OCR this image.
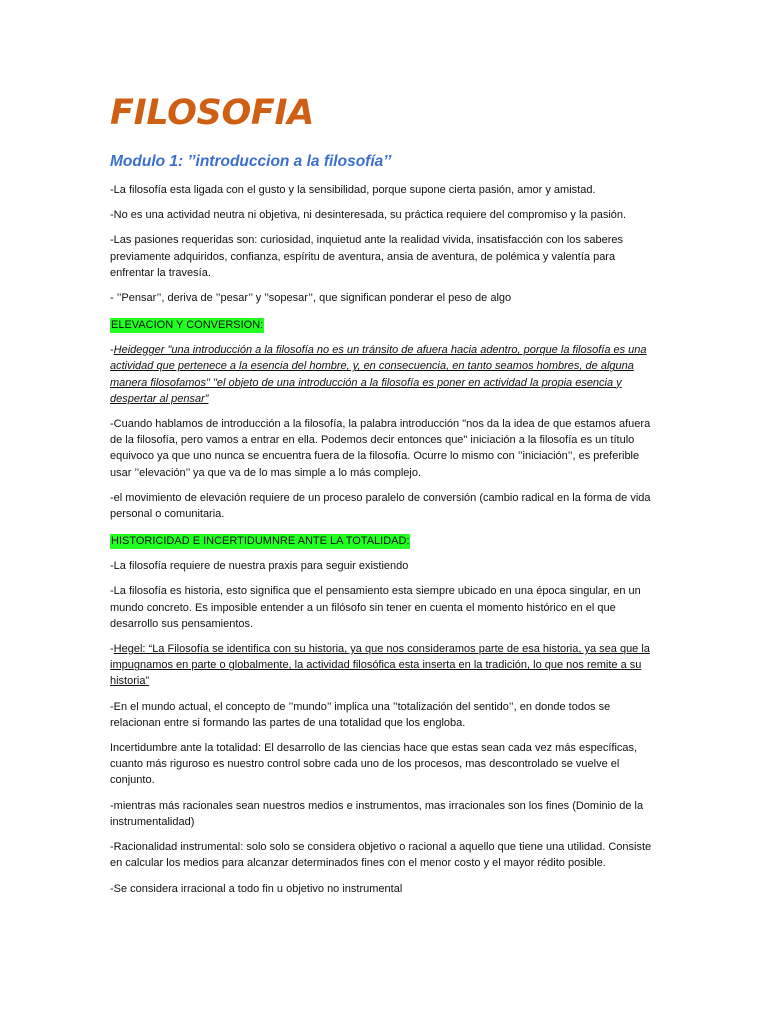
FILOSOFIA
Modulo 1: ’’introduccion a la filosofía’’

-La filosofía esta ligada con el gusto y la sensibilidad, porque supone cierta pasión, amor y amistad.

-No es una actividad neutra ni objetiva, ni desinteresada, su práctica requiere del compromiso y la pasión.

-Las pasiones requeridas son: curiosidad, inquietud ante la realidad vivida, insatisfacción con los saberes previamente adquiridos, confianza, espíritu de aventura, ansia de aventura, de polémica y valentía para enfrentar la travesía.

- ’’Pensar’’, deriva de ’’pesar’’ y ’’sopesar’’, que significan ponderar el peso de algo

ELEVACION Y CONVERSION:

-Heidegger "una introducción a la filosofía no es un tránsito de afuera hacia adentro, porque la filosofía es una actividad que pertenece a la esencia del hombre, y, en consecuencia, en tanto seamos hombres, de alguna manera filosofamos" "el objeto de una introducción a la filosofía es poner en actividad la propia esencia y despertar al pensar”

-Cuando hablamos de introducción a la filosofía, la palabra introducción "nos da la idea de que estamos afuera de la filosofía, pero vamos a entrar en ella. Podemos decir entonces que" iniciación a la filosofía es un título equivoco ya que uno nunca se encuentra fuera de la filosofía. Ocurre lo mismo con ’’iniciación’’, es preferible usar ’’elevación’’ ya que va de lo mas simple a lo más complejo.

-el movimiento de elevación requiere de un proceso paralelo de conversión (cambio radical en la forma de vida personal o comunitaria.

HISTORICIDAD E INCERTIDUMNRE ANTE LA TOTALIDAD:

-La filosofía requiere de nuestra praxis para seguir existiendo

-La filosofía es historia, esto significa que el pensamiento esta siempre ubicado en una época singular, en un mundo concreto. Es imposible entender a un filósofo sin tener en cuenta el momento histórico en el que desarrollo sus pensamientos.

-Hegel: “La Filosofía se identifica con su historia, ya que nos consideramos parte de esa historia, ya sea que la impugnamos en parte o globalmente, la actividad filosófica esta inserta en la tradición, lo que nos remite a su historia”

-En el mundo actual, el concepto de ’’mundo’’ implica una ’’totalización del sentido’’, en donde todos se relacionan entre si formando las partes de una totalidad que los engloba.

Incertidumbre ante la totalidad: El desarrollo de las ciencias hace que estas sean cada vez más específicas, cuanto más riguroso es nuestro control sobre cada uno de los procesos, mas descontrolado se vuelve el conjunto.

-mientras más racionales sean nuestros medios e instrumentos, mas irracionales son los fines (Dominio de la instrumentalidad)

-Racionalidad instrumental: solo solo se considera objetivo o racional a aquello que tiene una utilidad. Consiste en calcular los medios para alcanzar determinados fines con el menor costo y el mayor rédito posible.

-Se considera irracional a todo fin u objetivo no instrumental
